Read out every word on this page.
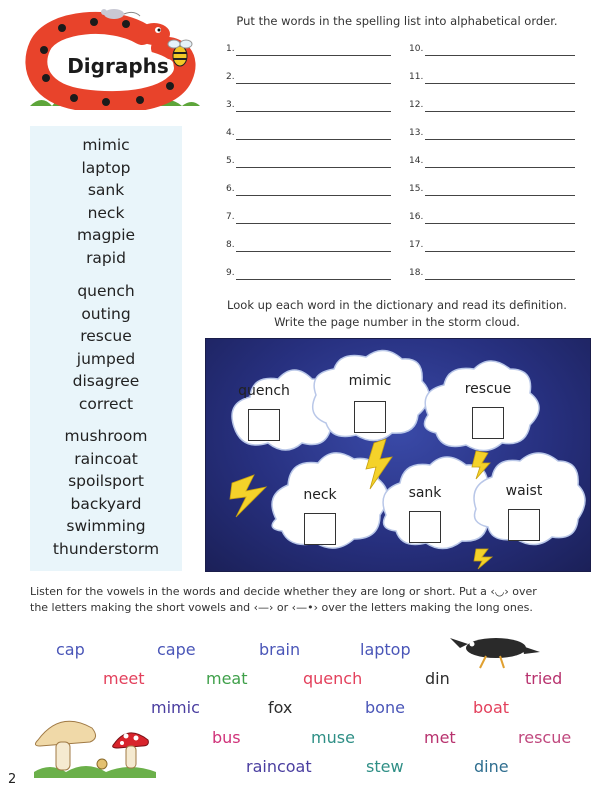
Digraphs
mimic
laptop
sank
neck
magpie
rapid
quench
outing
rescue
jumped
disagree
correct
mushroom
raincoat
spoilsport
backyard
swimming
thunderstorm
Put the words in the spelling list into alphabetical order.
1.
2.
3.
4.
5.
6.
7.
8.
9.
10.
11.
12.
13.
14.
15.
16.
17.
18.
Look up each word in the dictionary and read its definition.
Write the page number in the storm cloud.
quench
mimic	rescue
neck	sank	waist
Listen for the vowels in the words and decide whether they are long or short. Put a ‹◡› over
the letters making the short vowels and ‹—› or ‹—•› over the letters making the long ones.
cap	cape	brain	laptop
meet	meat	quench	din	tried
mimic	fox	bone	boat
bus	muse	met	rescue
raincoat	stew	dine
2
